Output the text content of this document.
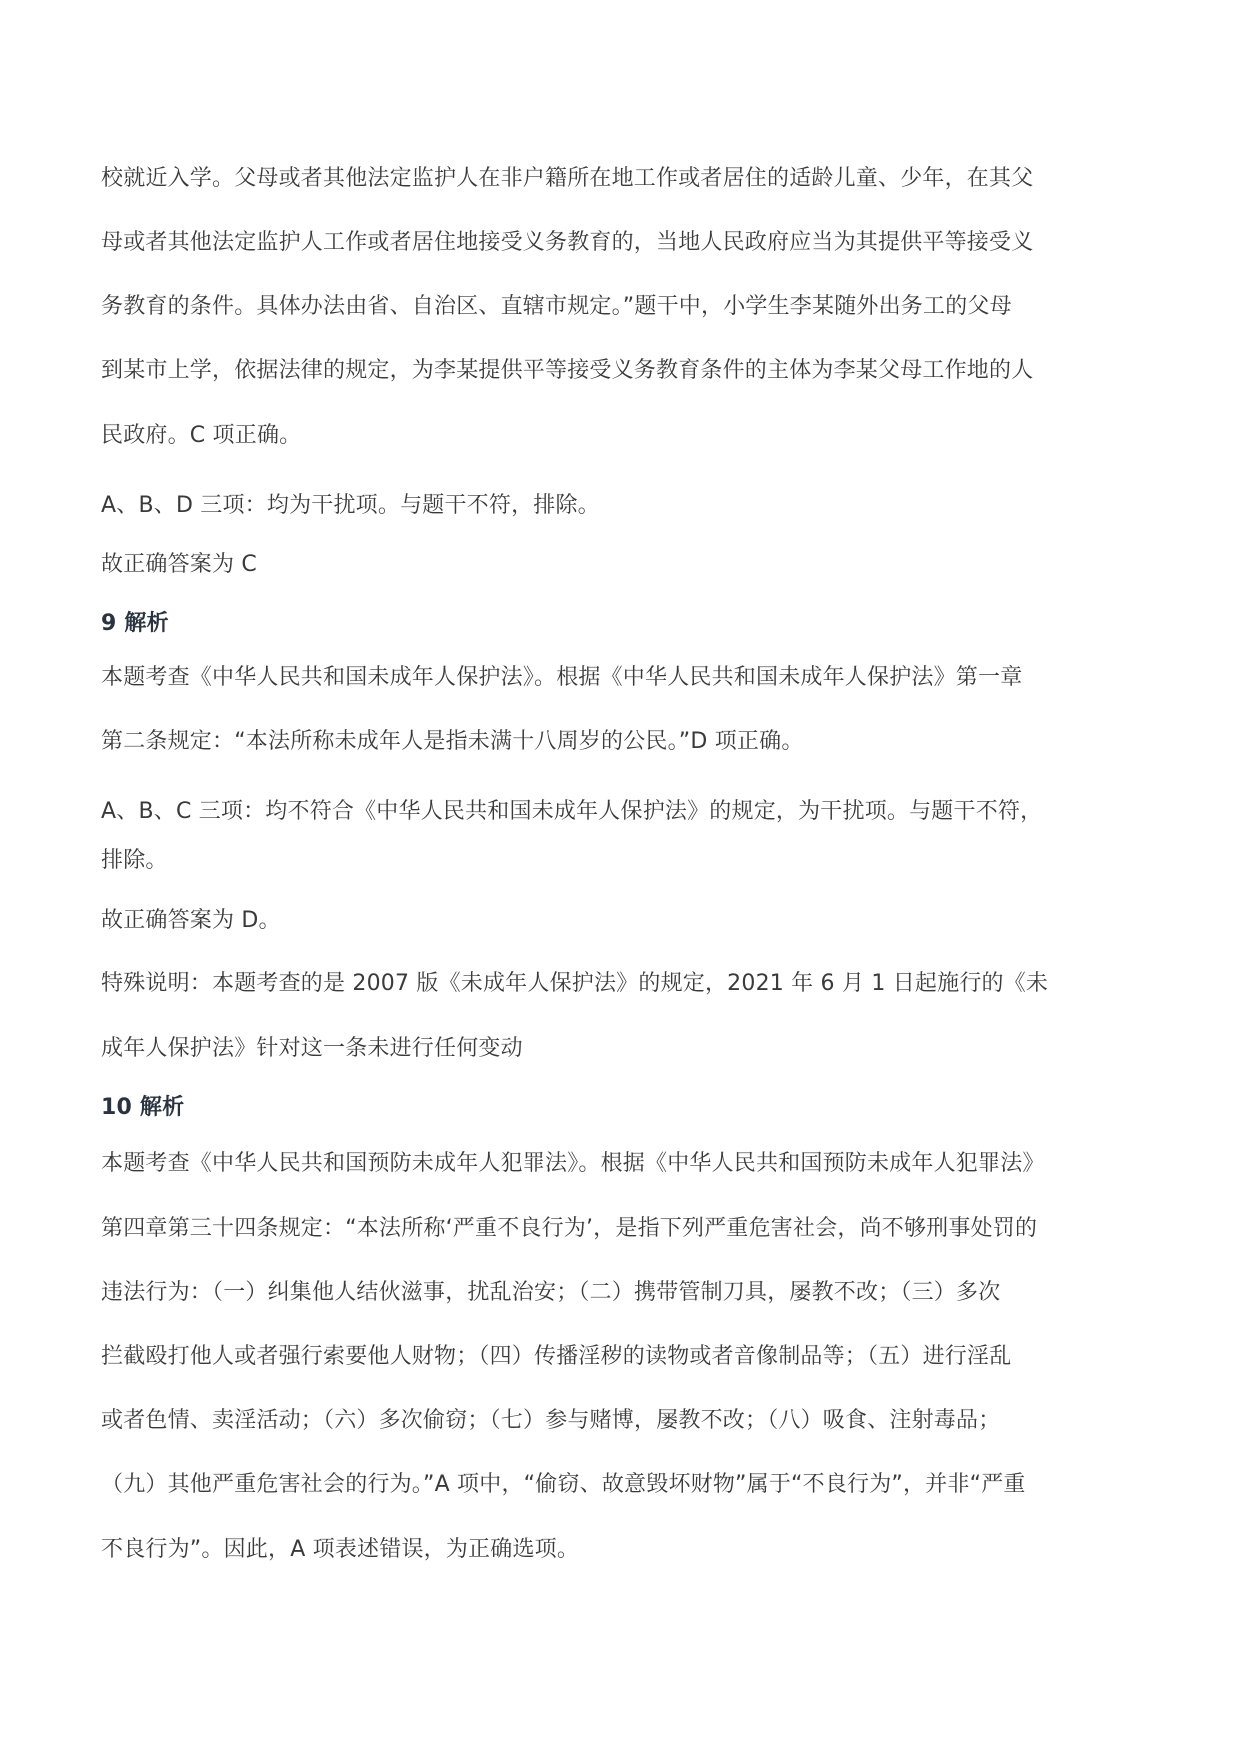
校就近入学。父母或者其他法定监护人在非户籍所在地工作或者居住的适龄儿童、少年，在其父
母或者其他法定监护人工作或者居住地接受义务教育的，当地人民政府应当为其提供平等接受义
务教育的条件。具体办法由省、自治区、直辖市规定。”题干中，小学生李某随外出务工的父母
到某市上学，依据法律的规定，为李某提供平等接受义务教育条件的主体为李某父母工作地的人
民政府。C 项正确。
A、B、D 三项：均为干扰项。与题干不符，排除。
故正确答案为 C
9 解析
本题考查《中华人民共和国未成年人保护法》。根据《中华人民共和国未成年人保护法》第一章
第二条规定：“本法所称未成年人是指未满十八周岁的公民。”D 项正确。
A、B、C 三项：均不符合《中华人民共和国未成年人保护法》的规定，为干扰项。与题干不符，
排除。
故正确答案为 D。
特殊说明：本题考查的是 2007 版《未成年人保护法》的规定，2021 年 6 月 1 日起施行的《未
成年人保护法》针对这一条未进行任何变动
10 解析
本题考查《中华人民共和国预防未成年人犯罪法》。根据《中华人民共和国预防未成年人犯罪法》
第四章第三十四条规定：“本法所称‘严重不良行为’，是指下列严重危害社会，尚不够刑事处罚的
违法行为：（一）纠集他人结伙滋事，扰乱治安；（二）携带管制刀具，屡教不改；（三）多次
拦截殴打他人或者强行索要他人财物；（四）传播淫秽的读物或者音像制品等；（五）进行淫乱
或者色情、卖淫活动；（六）多次偷窃；（七）参与赌博，屡教不改；（八）吸食、注射毒品；
（九）其他严重危害社会的行为。”A 项中，“偷窃、故意毁坏财物”属于“不良行为”，并非“严重
不良行为”。因此，A 项表述错误，为正确选项。
